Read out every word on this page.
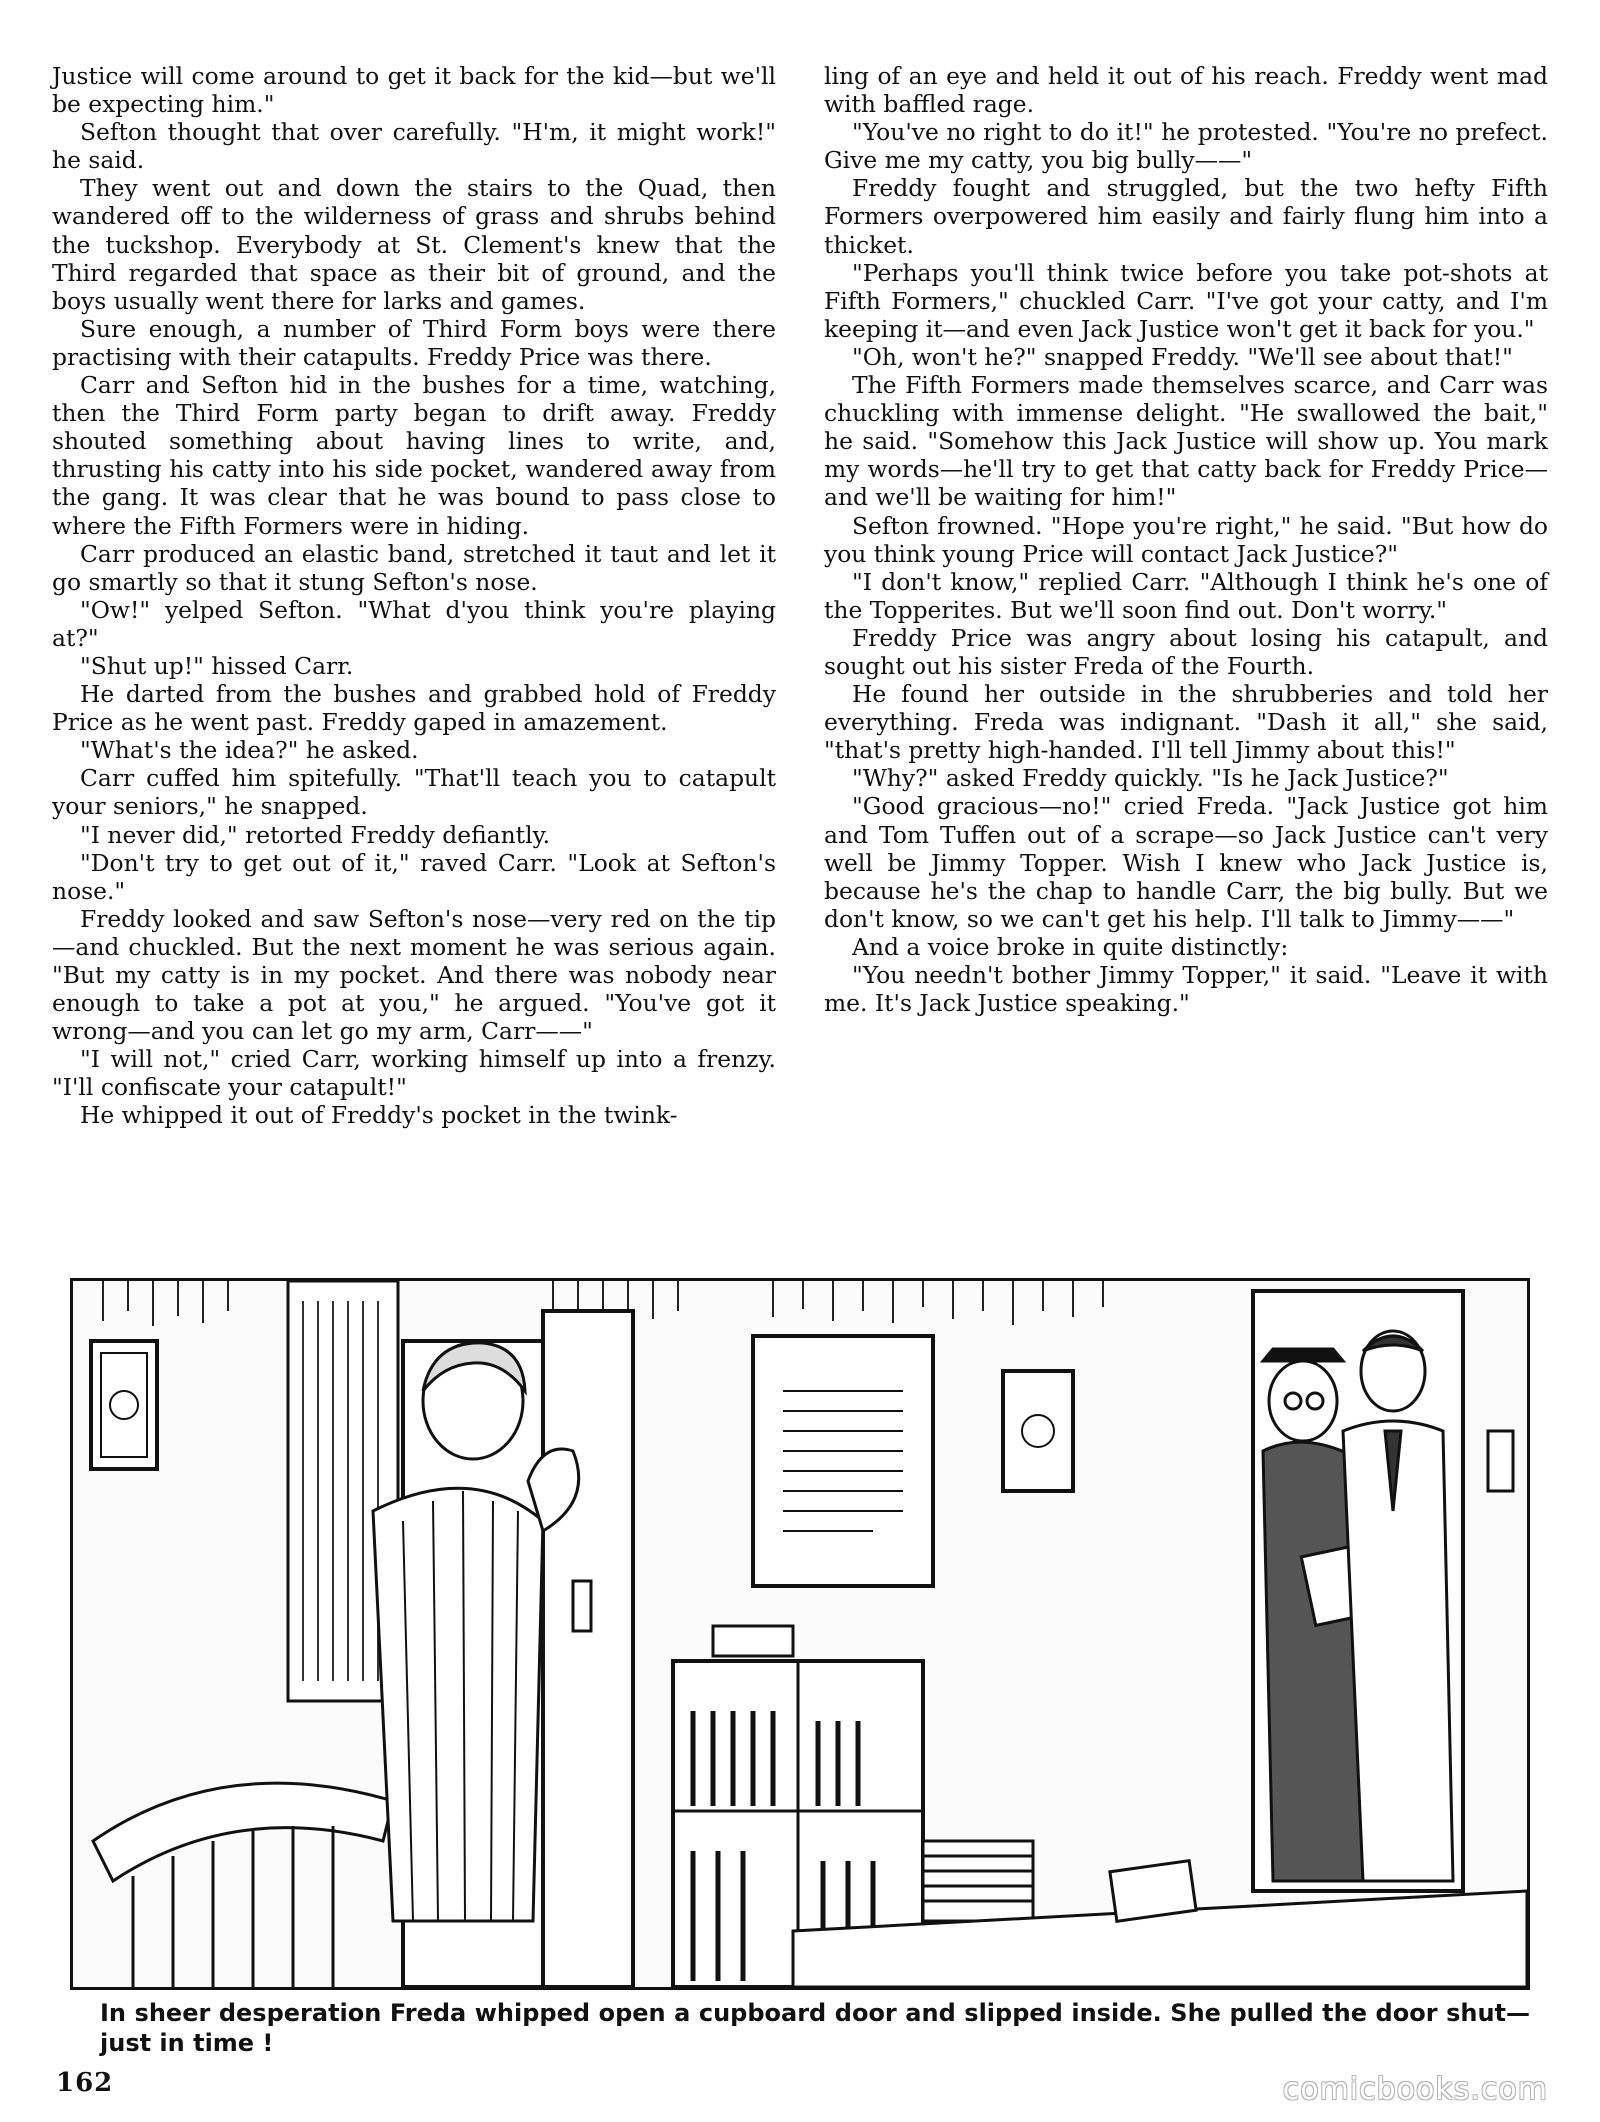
Justice will come around to get it back for the kid—but we'll be expecting him."

Sefton thought that over carefully. "H'm, it might work!" he said.

They went out and down the stairs to the Quad, then wandered off to the wilderness of grass and shrubs behind the tuckshop. Everybody at St. Clement's knew that the Third regarded that space as their bit of ground, and the boys usually went there for larks and games.

Sure enough, a number of Third Form boys were there practising with their catapults. Freddy Price was there.

Carr and Sefton hid in the bushes for a time, watching, then the Third Form party began to drift away. Freddy shouted something about having lines to write, and, thrusting his catty into his side pocket, wandered away from the gang. It was clear that he was bound to pass close to where the Fifth Formers were in hiding.

Carr produced an elastic band, stretched it taut and let it go smartly so that it stung Sefton's nose.

"Ow!" yelped Sefton. "What d'you think you're playing at?"

"Shut up!" hissed Carr.

He darted from the bushes and grabbed hold of Freddy Price as he went past. Freddy gaped in amazement.

"What's the idea?" he asked.

Carr cuffed him spitefully. "That'll teach you to catapult your seniors," he snapped.

"I never did," retorted Freddy defiantly.

"Don't try to get out of it," raved Carr. "Look at Sefton's nose."

Freddy looked and saw Sefton's nose—very red on the tip—and chuckled. But the next moment he was serious again. "But my catty is in my pocket. And there was nobody near enough to take a pot at you," he argued. "You've got it wrong—and you can let go my arm, Carr——"

"I will not," cried Carr, working himself up into a frenzy. "I'll confiscate your catapult!"

He whipped it out of Freddy's pocket in the twink-

ling of an eye and held it out of his reach. Freddy went mad with baffled rage.

"You've no right to do it!" he protested. "You're no prefect. Give me my catty, you big bully——"

Freddy fought and struggled, but the two hefty Fifth Formers overpowered him easily and fairly flung him into a thicket.

"Perhaps you'll think twice before you take pot-shots at Fifth Formers," chuckled Carr. "I've got your catty, and I'm keeping it—and even Jack Justice won't get it back for you."

"Oh, won't he?" snapped Freddy. "We'll see about that!"

The Fifth Formers made themselves scarce, and Carr was chuckling with immense delight. "He swallowed the bait," he said. "Somehow this Jack Justice will show up. You mark my words—he'll try to get that catty back for Freddy Price—and we'll be waiting for him!"

Sefton frowned. "Hope you're right," he said. "But how do you think young Price will contact Jack Justice?"

"I don't know," replied Carr. "Although I think he's one of the Topperites. But we'll soon find out. Don't worry."

Freddy Price was angry about losing his catapult, and sought out his sister Freda of the Fourth.

He found her outside in the shrubberies and told her everything. Freda was indignant. "Dash it all," she said, "that's pretty high-handed. I'll tell Jimmy about this!"

"Why?" asked Freddy quickly. "Is he Jack Justice?"

"Good gracious—no!" cried Freda. "Jack Justice got him and Tom Tuffen out of a scrape—so Jack Justice can't very well be Jimmy Topper. Wish I knew who Jack Justice is, because he's the chap to handle Carr, the big bully. But we don't know, so we can't get his help. I'll talk to Jimmy——"

And a voice broke in quite distinctly:

"You needn't bother Jimmy Topper," it said. "Leave it with me. It's Jack Justice speaking."

In sheer desperation Freda whipped open a cupboard door and slipped inside. She pulled the door shut—just in time !
162	comicbooks.com
